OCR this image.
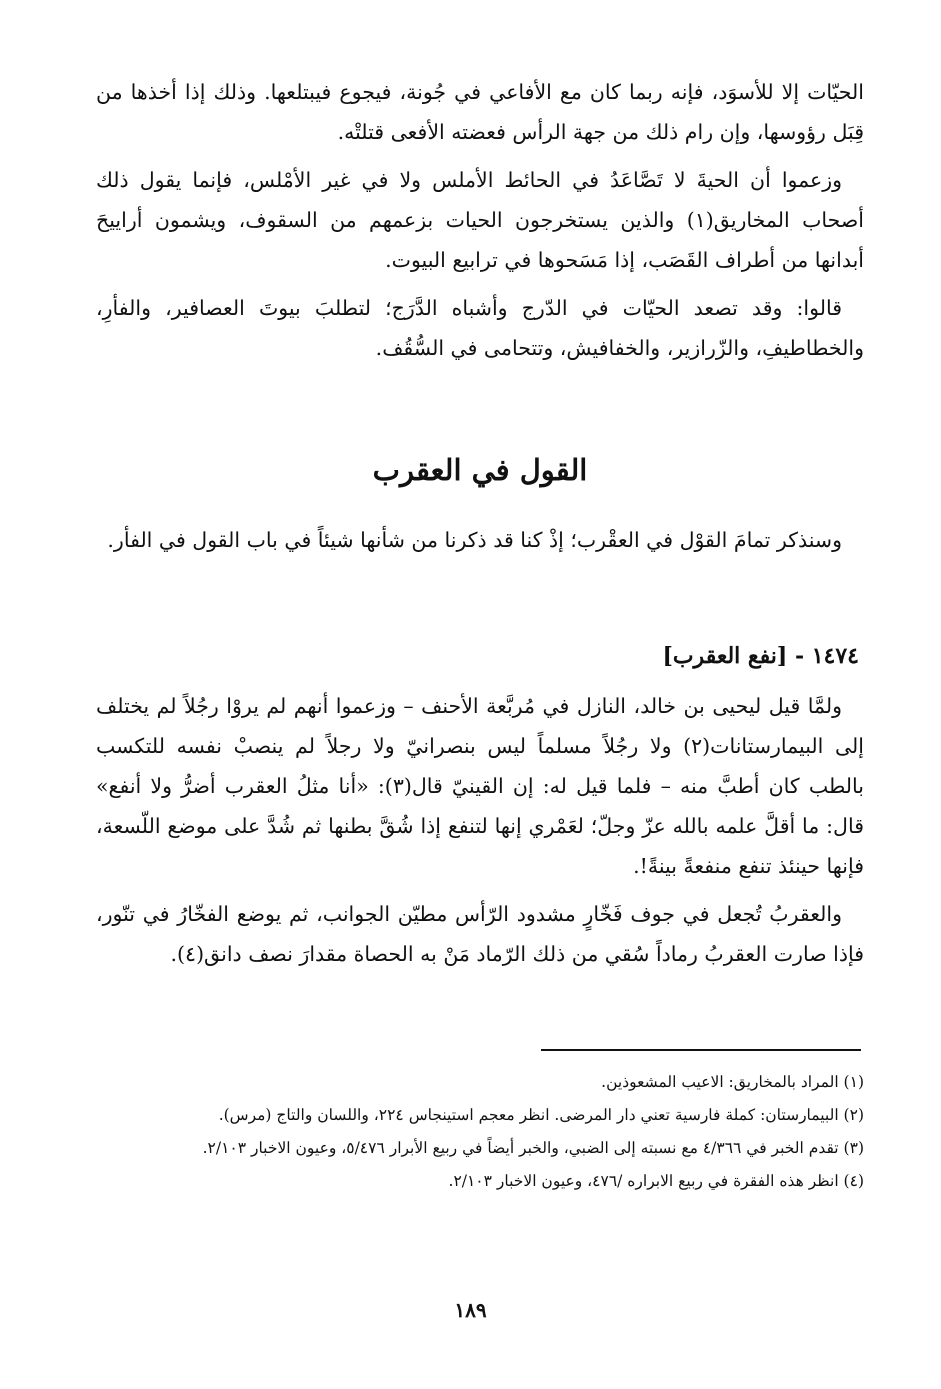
الحيّات إلا للأسوَد، فإنه ربما كان مع الأفاعي في جُونة، فيجوع فيبتلعها. وذلك إذا أخذها من قِبَل رؤوسها، وإن رام ذلك من جهة الرأس فعضته الأفعى قتلتْه.

وزعموا أن الحيةَ لا تَصَّاعَدُ في الحائط الأملس ولا في غير الأمْلس، فإنما يقول ذلك أصحاب المخاريق(١) والذين يستخرجون الحيات بزعمهم من السقوف، ويشمون أراييحَ أبدانها من أطراف القَصَب، إذا مَسَحوها في ترابيع البيوت.

قالوا: وقد تصعد الحيّات في الدّرج وأشباه الدَّرَج؛ لتطلبَ بيوتَ العصافير، والفأرِ، والخطاطيفِ، والزّرازير، والخفافيش، وتتحامى في السُّقُف.

القول في العقرب

وسنذكر تمامَ القوْل في العقْرب؛ إذْ كنا قد ذكرنا من شأنها شيئاً في باب القول في الفأر.

١٤٧٤ - [نفع العقرب]

ولمَّا قيل ليحيى بن خالد، النازل في مُربَّعة الأحنف – وزعموا أنهم لم يروْا رجُلاً لم يختلف إلى البيمارستانات(٢) ولا رجُلاً مسلماً ليس بنصرانيّ ولا رجلاً لم ينصبْ نفسه للتكسب بالطب كان أطبَّ منه – فلما قيل له: إن القينيّ قال(٣): «أنا مثلُ العقرب أضرُّ ولا أنفع» قال: ما أقلَّ علمه بالله عزّ وجلّ؛ لعَمْري إنها لتنفع إذا شُقَّ بطنها ثم شُدَّ على موضع اللّسعة، فإنها حينئذ تنفع منفعةً بينةً!.

والعقربُ تُجعل في جوف فَخّارٍ مشدود الرّأس مطيّن الجوانب، ثم يوضع الفخّارُ في تنّور، فإذا صارت العقربُ رماداً سُقي من ذلك الرّماد مَنْ به الحصاة مقدارَ نصف دانق(٤).

(١) المراد بالمخاريق: الاعيب المشعوذين.
(٢) البيمارستان: كملة فارسية تعني دار المرضى. انظر معجم استينجاس ٢٢٤، واللسان والتاج (مرس).
(٣) تقدم الخبر في ٤/٣٦٦ مع نسبته إلى الضبي، والخبر أيضاً في ربيع الأبرار ٥/٤٧٦، وعيون الاخبار ٢/١٠٣.
(٤) انظر هذه الفقرة في ربيع الابراره /٤٧٦، وعيون الاخبار ٢/١٠٣.
١٨٩
